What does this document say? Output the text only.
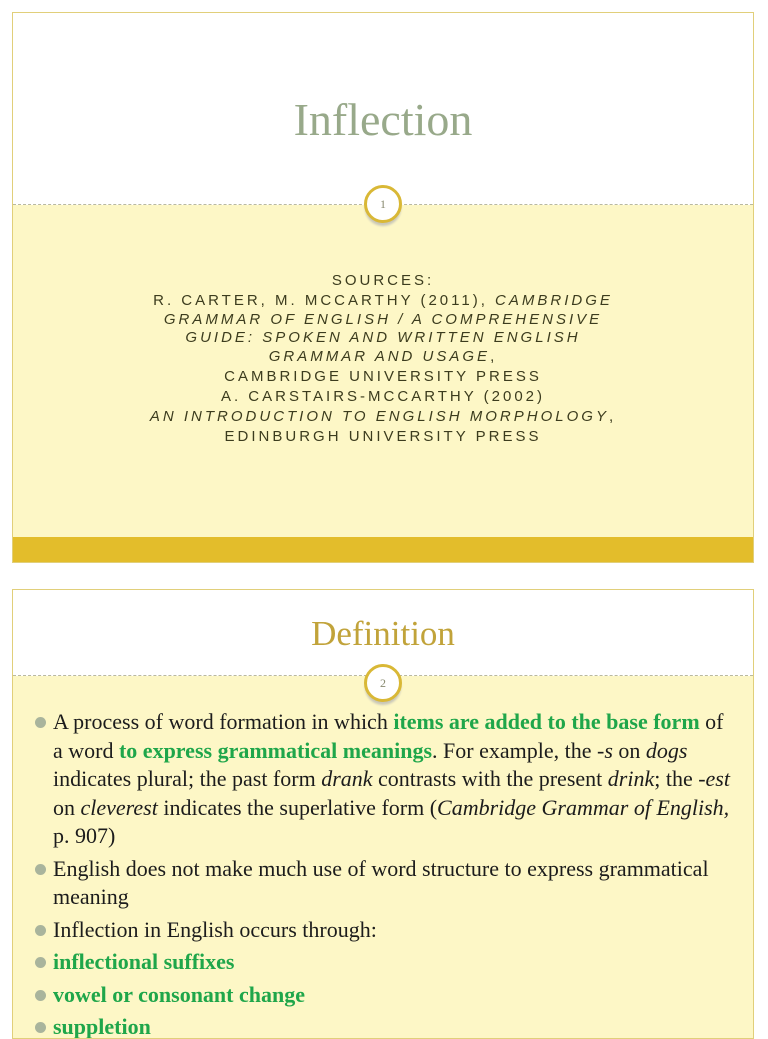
Inflection
1
SOURCES:
R. CARTER, M. MCCARTHY (2011), CAMBRIDGE
GRAMMAR OF ENGLISH / A COMPREHENSIVE
GUIDE: SPOKEN AND WRITTEN ENGLISH
GRAMMAR AND USAGE,
CAMBRIDGE UNIVERSITY PRESS
A. CARSTAIRS-MCCARTHY (2002)
AN INTRODUCTION TO ENGLISH MORPHOLOGY,
EDINBURGH UNIVERSITY PRESS
Definition
2
A process of word formation in which items are added to the base form of a word to express grammatical meanings. For example, the -s on dogs indicates plural; the past form drank contrasts with the present drink; the -est on cleverest indicates the superlative form (Cambridge Grammar of English, p. 907)
English does not make much use of word structure to express grammatical meaning
Inflection in English occurs through:
inflectional suffixes
vowel or consonant change
suppletion
